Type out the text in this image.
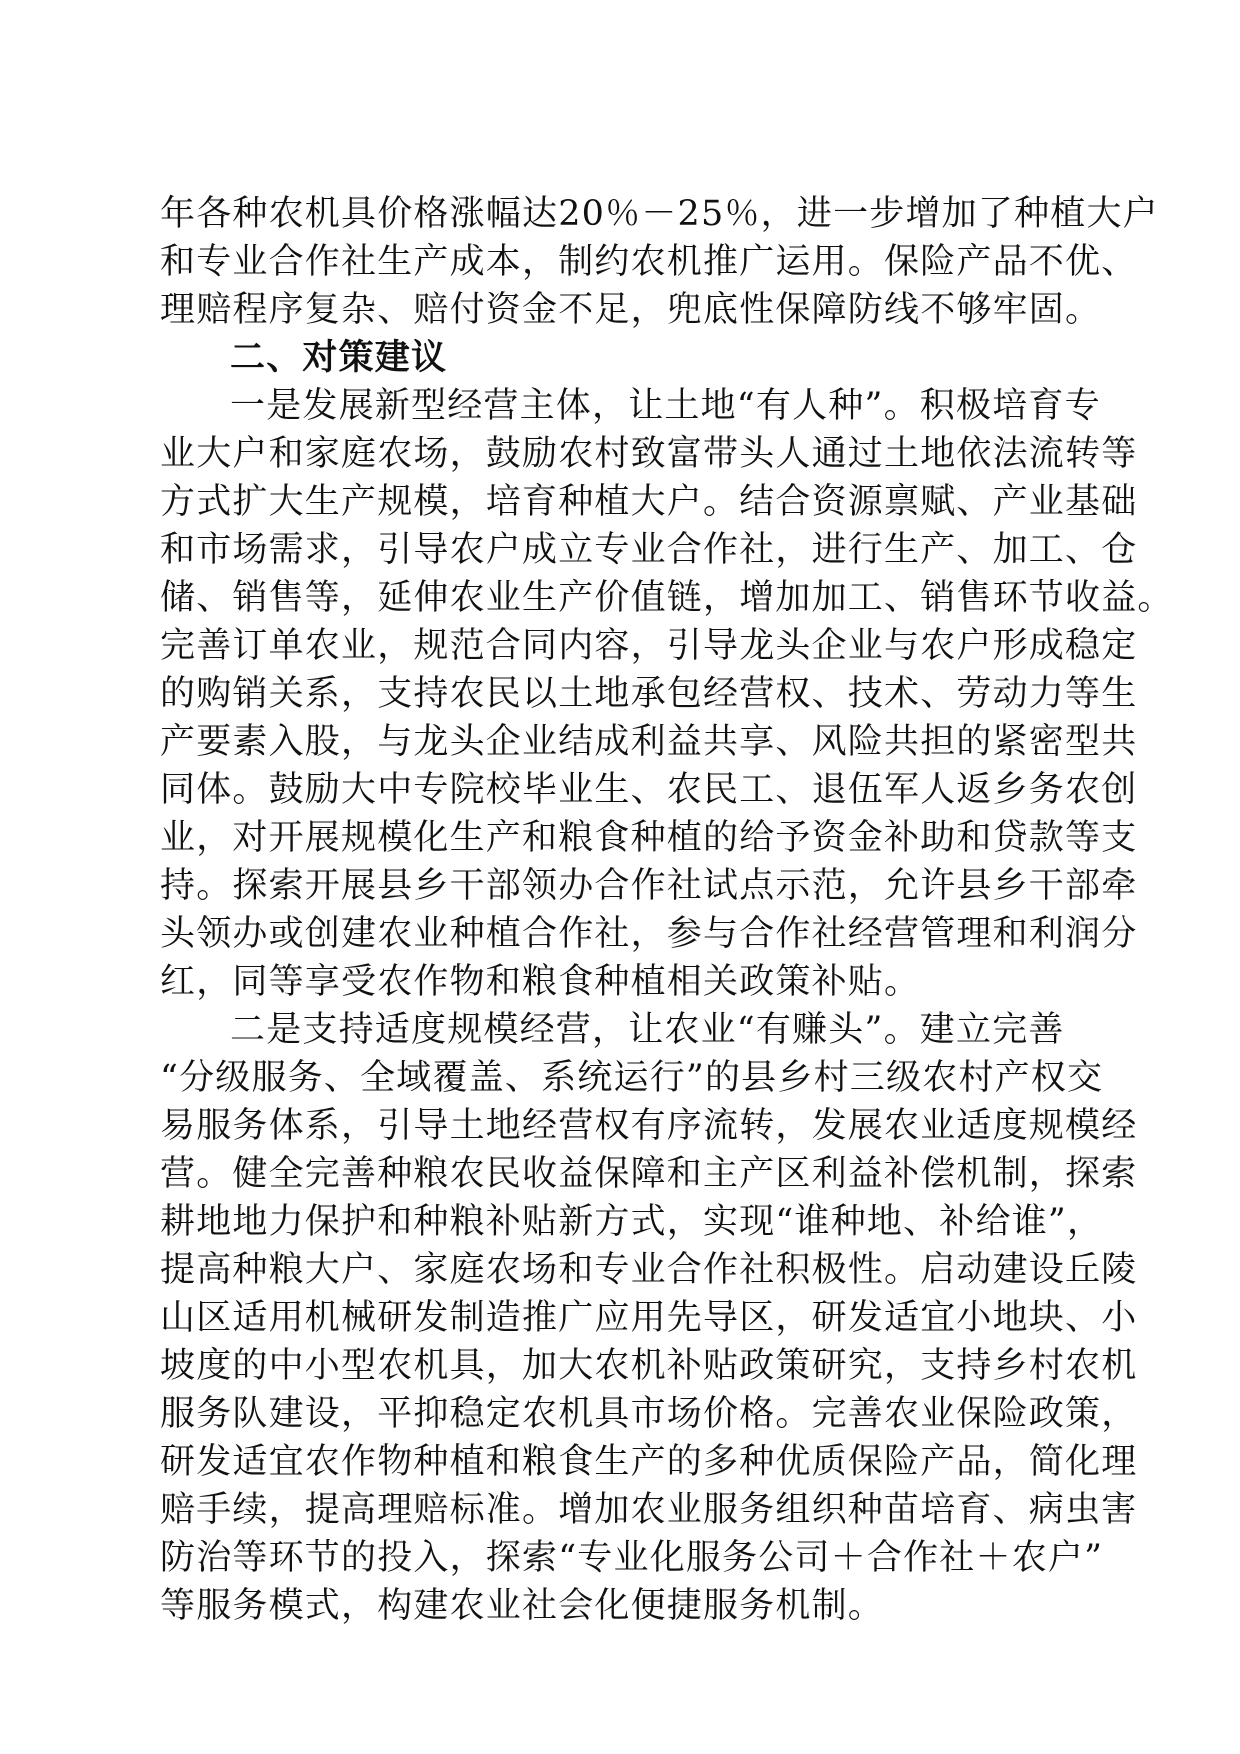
年各种农机具价格涨幅达20％－25％，进一步增加了种植大户
和专业合作社生产成本，制约农机推广运用。保险产品不优、
理赔程序复杂、赔付资金不足，兜底性保障防线不够牢固。
二、对策建议
一是发展新型经营主体，让土地“有人种”。积极培育专
业大户和家庭农场，鼓励农村致富带头人通过土地依法流转等
方式扩大生产规模，培育种植大户。结合资源禀赋、产业基础
和市场需求，引导农户成立专业合作社，进行生产、加工、仓
储、销售等，延伸农业生产价值链，增加加工、销售环节收益。
完善订单农业，规范合同内容，引导龙头企业与农户形成稳定
的购销关系，支持农民以土地承包经营权、技术、劳动力等生
产要素入股，与龙头企业结成利益共享、风险共担的紧密型共
同体。鼓励大中专院校毕业生、农民工、退伍军人返乡务农创
业，对开展规模化生产和粮食种植的给予资金补助和贷款等支
持。探索开展县乡干部领办合作社试点示范，允许县乡干部牵
头领办或创建农业种植合作社，参与合作社经营管理和利润分
红，同等享受农作物和粮食种植相关政策补贴。
二是支持适度规模经营，让农业“有赚头”。建立完善
“分级服务、全域覆盖、系统运行”的县乡村三级农村产权交
易服务体系，引导土地经营权有序流转，发展农业适度规模经
营。健全完善种粮农民收益保障和主产区利益补偿机制，探索
耕地地力保护和种粮补贴新方式，实现“谁种地、补给谁”，
提高种粮大户、家庭农场和专业合作社积极性。启动建设丘陵
山区适用机械研发制造推广应用先导区，研发适宜小地块、小
坡度的中小型农机具，加大农机补贴政策研究，支持乡村农机
服务队建设，平抑稳定农机具市场价格。完善农业保险政策，
研发适宜农作物种植和粮食生产的多种优质保险产品，简化理
赔手续，提高理赔标准。增加农业服务组织种苗培育、病虫害
防治等环节的投入，探索“专业化服务公司＋合作社＋农户”
等服务模式，构建农业社会化便捷服务机制。
